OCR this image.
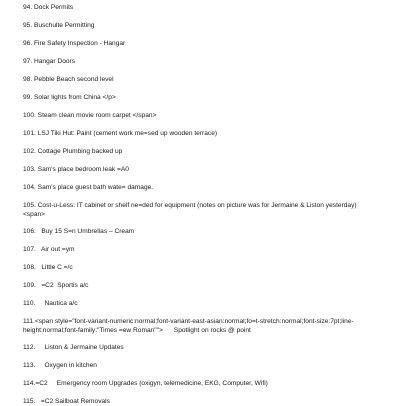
94. Dock Permits
95. Buschulte Permitting
96. Fire Safety Inspection - Hangar
97. Hangar Doors
98. Pebble Beach second level
99. Solar lights from China </p>
100. Steam clean movie room carpet </span>
101. LSJ Tiki Hut: Paint (cement work me=sed up wooden terrace)
102. Cottage Plumbing backed up
103. Sam's place bedroom leak =A0
104. Sam's place guest bath wate= damage.
105. Cost-u-Less: IT cabinet or shelf ne=ded for equipment (notes on picture was for Jermaine & Liston yesterday)
<span>
106.   Buy 15 S=n Umbrellas – Cream
107.   Air out =ym
108.   Little C =/c
109.   =C2  Sportis a/c
110.     Nautica a/c
111.<span style="font-variant-numeric:normal;font-variant-east-asian:normal;fo=t-stretch:normal;font-size:7pt;line-height:normal;font-family:"Times =ew Roman"">      Spotlight on rocks @ point
112.     Liston & Jermaine Updates
113.     Oxygen in kitchen
114.=C2     Emergency room Upgrades (oxigyn, telemedicine, EKG, Computer, Wifi)
115.   =C2 Sailboat Removals
